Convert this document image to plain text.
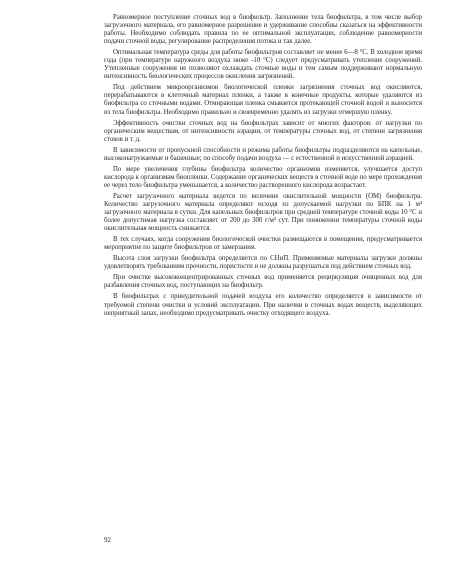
Равномерное поступление сточных вод в биофильтр. Заполнение тела биофильтра, в том числе выбор загрузочного материала, его равномерное разрешение и удерживание способны сказаться на эффективности работы. Необходимо соблюдать правила по ее оптимальной эксплуатации, соблюдение равномерности подачи сточной воды, регулирование распределения потока и так далее.

Оптимальная температура среды для работы биофильтров составляет не менее 6—8 °С. В холодное время года (при температуре наружного воздуха ниже -10 °С) следует предусматривать утепление сооружений. Утепленные сооружения не позволяют охлаждать сточные воды и тем самым поддерживают нормальную интенсивность биологических процессов окисления загрязнений.

Под действием микроорганизмов биологической пленки загрязнения сточных вод окисляются, перерабатываются в клеточный материал пленки, а также в конечные продукты, которые удаляются из биофильтра со сточными водами. Отмирающая пленка смывается протекающей сточной водой и выносится из тела биофильтра. Необходимо правильно и своевременно удалять из загрузки отмершую пленку.

Эффективность очистки сточных вод на биофильтрах зависит от многих факторов: от нагрузки по органическим веществам, от интенсивности аэрации, от температуры сточных вод, от степени загрязнения стоков и т. д.

В зависимости от пропускной способности и режима работы биофильтры подразделяются на капельные, высоконагружаемые и башенные; по способу подачи воздуха — с естественной и искусственной аэрацией.

По мере увеличения глубины биофильтра количество организмов изменяется, улучшается доступ кислорода к организмам биопленки. Содержание органических веществ в сточной воде по мере прохождения ее через тело биофильтра уменьшается, а количество растворенного кислорода возрастает.

Расчет загрузочного материала ведется по величине окислительной мощности (ОМ) биофильтра. Количество загрузочного материала определяют исходя из допускаемой нагрузки по БПК на 1 м³ загрузочного материала в сутки. Для капельных биофильтров при средней температуре сточной воды 10 °С и более допустимая нагрузка составляет от 200 до 300 г/м³ сут. При понижении температуры сточной воды окислительная мощность снижается.

В тех случаях, когда сооружения биологической очистки размещаются в помещении, предусматривается мероприятие по защите биофильтров от замерзания.

Высота слоя загрузки биофильтра определяется по СНиП. Применяемые материалы загрузки должны удовлетворять требованиям прочности, пористости и не должны разрушаться под действием сточных вод.

При очистке высококонцентрированных сточных вод применяется рециркуляция очищенных вод для разбавления сточных вод, поступающих на биофильтр.

В биофильтрах с принудительной подачей воздуха его количество определяется в зависимости от требуемой степени очистки и условий эксплуатации. При наличии в сточных водах веществ, выделяющих неприятный запах, необходимо предусматривать очистку отходящего воздуха.

92
